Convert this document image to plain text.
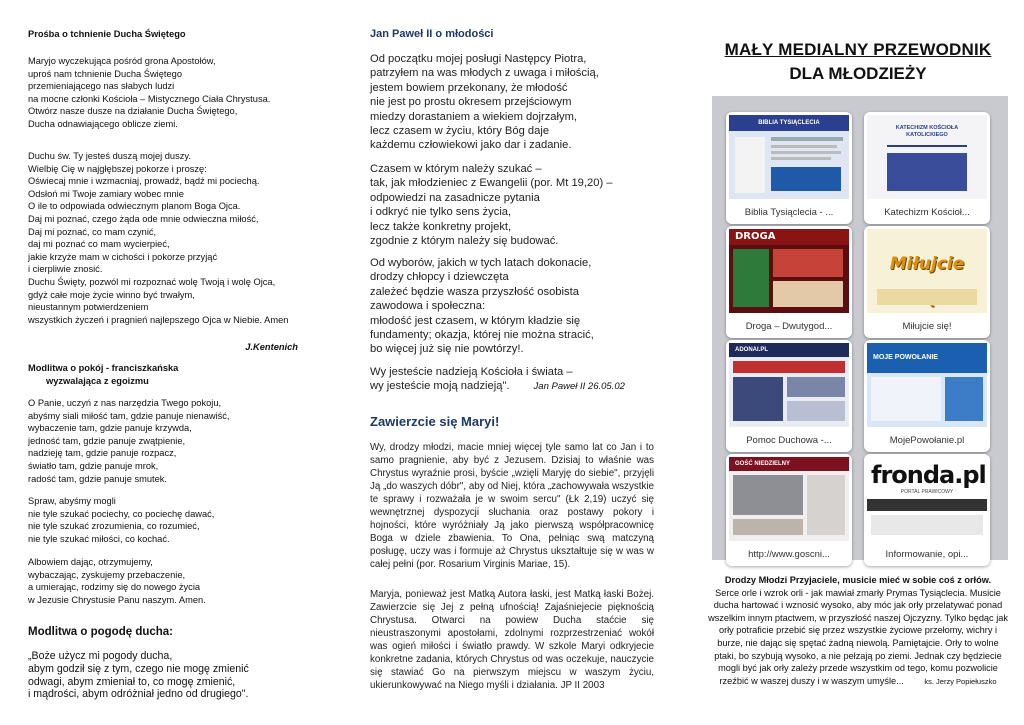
Prośba o tchnienie Ducha Świętego
Maryjo wyczekująca pośród grona Apostołów,
uproś nam tchnienie Ducha Świętego
przemieniającego nas słabych ludzi
na mocne członki Kościoła – Mistycznego Ciała Chrystusa.
Otwórz nasze dusze na działanie Ducha Świętego,
Ducha odnawiającego oblicze ziemi.
Duchu św. Ty jesteś duszą mojej duszy.
Wielbię Cię w najgłębszej pokorze i proszę:
Oświecaj mnie i wzmacniaj, prowadź, bądź mi pociechą.
Odsłoń mi Twoje zamiary wobec mnie
O ile to odpowiada odwiecznym planom Boga Ojca.
Daj mi poznać, czego żąda ode mnie odwieczna miłość,
Daj mi poznać, co mam czynić,
daj mi poznać co mam wycierpieć,
jakie krzyże mam w cichości i pokorze przyjąć
i cierpliwie znosić.
Duchu Święty, pozwól mi rozpoznać wolę Twoją i wolę Ojca,
gdyż całe moje życie winno być trwałym,
nieustannym potwierdzeniem
wszystkich życzeń i pragnień najlepszego Ojca w Niebie. Amen
J.Kentenich
Modlitwa o pokój - franciszkańska
wyzwalająca z egoizmu
O Panie, uczyń z nas narzędzia Twego pokoju,
abyśmy siali miłość tam, gdzie panuje nienawiść,
wybaczenie tam, gdzie panuje krzywda,
jedność tam, gdzie panuje zwątpienie,
nadzieję tam, gdzie panuje rozpacz,
światło tam, gdzie panuje mrok,
radość tam, gdzie panuje smutek.
Spraw, abyśmy mogli
nie tyle szukać pociechy, co pociechę dawać,
nie tyle szukać zrozumienia, co rozumieć,
nie tyle szukać miłości, co kochać.
Albowiem dając, otrzymujemy,
wybaczając, zyskujemy przebaczenie,
a umierając, rodzimy się do nowego życia
w Jezusie Chrystusie Panu naszym. Amen.
Modlitwa o pogodę ducha:
„Boże użycz mi pogody ducha,
abym godził się z tym, czego nie mogę zmienić
odwagi, abym zmieniał to, co mogę zmienić,
i mądrości, abym odróżniał jedno od drugiego".
Jan Paweł II o młodości
Od początku mojej posługi Następcy Piotra,
patrzyłem na was młodych z uwaga i miłością,
jestem bowiem przekonany, że młodość
nie jest po prostu okresem przejściowym
miedzy dorastaniem a wiekiem dojrzałym,
lecz czasem w życiu, który Bóg daje
każdemu człowiekowi jako dar i zadanie.
Czasem w którym należy szukać –
tak, jak młodzieniec z Ewangelii (por. Mt 19,20) –
odpowiedzi na zasadnicze pytania
i odkryć nie tylko sens życia,
lecz także konkretny projekt,
zgodnie z którym należy się budować.
Od wyborów, jakich w tych latach dokonacie,
drodzy chłopcy i dziewczęta
zależeć będzie wasza przyszłość osobista
zawodowa i społeczna:
młodość jest czasem, w którym kładzie się
fundamenty; okazja, której nie można stracić,
bo więcej już się nie powtórzy!.
Wy jesteście nadzieją Kościoła i świata –
wy jesteście moją nadzieją".	Jan Paweł II 26.05.02
Zawierzcie się Maryi!
Wy, drodzy młodzi, macie mniej więcej tyle samo lat co Jan i to samo pragnienie, aby być z Jezusem. Dzisiaj to właśnie was Chrystus wyraźnie prosi, byście „wzięli Maryję do siebie", przyjęli Ją „do waszych dóbr", aby od Niej, która „zachowywała wszystkie te sprawy i rozważała je w swoim sercu" (Łk 2,19) uczyć się wewnętrznej dyspozycji słuchania oraz postawy pokory i hojności, które wyróżniały Ją jako pierwszą współpracownicę Boga w dziele zbawienia. To Ona, pełniąc swą matczyną posługę, uczy was i formuje aż Chrystus ukształtuje się w was w całej pełni (por. Rosarium Virginis Mariae, 15).
Maryja, ponieważ jest Matką Autora łaski, jest Matką łaski Bożej. Zawierzcie się Jej z pełną ufnością! Zajaśniejecie pięknością Chrystusa. Otwarci na powiew Ducha staćcie się nieustraszonymi apostołami, zdolnymi rozprzestrzeniać wokół was ogień miłości i światło prawdy. W szkole Maryi odkryjecie konkretne zadania, których Chrystus od was oczekuje, nauczycie się stawiać Go na pierwszym miejscu w waszym życiu, ukierunkowywać na Niego myśli i działania. JP II 2003
MAŁY MEDIALNY PRZEWODNIK
DLA MŁODZIEŻY
BIBLIA TYSIĄCLECIA
Biblia Tysiąclecia - ...
KATECHIZM KOŚCIOŁA KATOLICKIEGO
Katechizm Kościoł...
DROGA
Droga – Dwutygod...
Miłujcie
Miłujcie się!
ADONAI.PL
Pomoc Duchowa -...
MOJE POWOŁANIE
MojePowołanie.pl
GOŚĆ NIEDZIELNY
http://www.goscni...
fronda.pl
PORTAL PRAWICOWY
Informowanie, opi...
Drodzy Młodzi Przyjaciele, musicie mieć w sobie coś z orłów.
Serce orle i wzrok orli - jak mawiał zmarły Prymas Tysiąclecia. Musicie ducha hartować i wznosić wysoko, aby móc jak orły przelatywać ponad wszelkim innym ptactwem, w przyszłość naszej Ojczyzny. Tylko będąc jak orły potraficie przebić się przez wszystkie życiowe przełomy, wichry i burze, nie dając się spętać żadną niewolą. Pamiętajcie. Orły to wolne ptaki, bo szybują wysoko, a nie pełzają po ziemi. Jednak czy będziecie mogli być jak orły zależy przede wszystkim od tego, komu pozwolicie rzeźbić w waszej duszy i w waszym umyśle...	ks. Jerzy Popiełuszko
